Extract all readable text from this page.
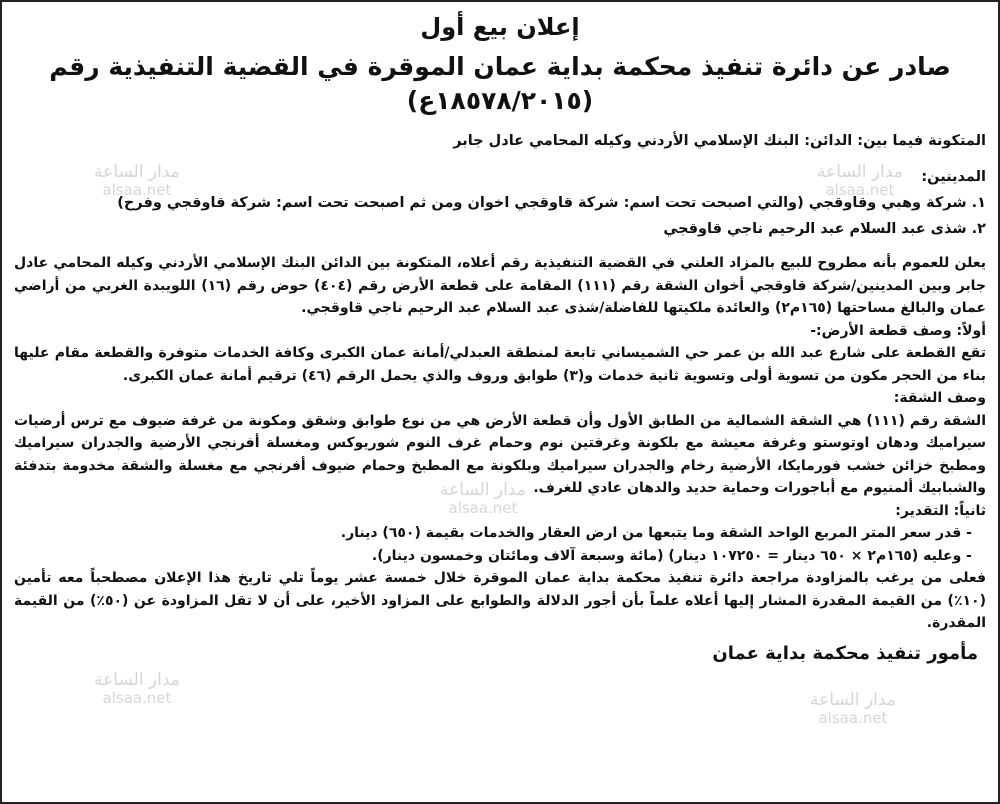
إعلان بيع أول
صادر عن دائرة تنفيذ محكمة بداية عمان الموقرة في القضية التنفيذية رقم (١٨٥٧٨/٢٠١٥ع)

المتكونة فيما بين: الدائن: البنك الإسلامي الأردني وكيله المحامي عادل جابر

المدينين:

١. شركة وهبي وقاوقجي (والتي اصبحت تحت اسم: شركة قاوقجي اخوان ومن ثم اصبحت تحت اسم: شركة قاوقجي وفرح)

٢. شذى عبد السلام عبد الرحيم ناجي قاوقجي

يعلن للعموم بأنه مطروح للبيع بالمزاد العلني في القضية التنفيذية رقم أعلاه، المتكونة بين الدائن البنك الإسلامي الأردني وكيله المحامي عادل جابر وبين المدينين/شركة قاوقجي أخوان الشقة رقم (١١١) المقامة على قطعة الأرض رقم (٤٠٤) حوض رقم (١٦) اللويبدة الغربي من أراضي عمان والبالغ مساحتها (١٦٥م٢) والعائدة ملكيتها للفاضلة/شذى عبد السلام عبد الرحيم ناجي قاوقجي.

أولاً: وصف قطعة الأرض:-

تقع القطعة على شارع عبد الله بن عمر حي الشميساني تابعة لمنطقة العبدلي/أمانة عمان الكبرى وكافة الخدمات متوفرة والقطعة مقام عليها بناء من الحجر مكون من تسوية أولى وتسوية ثانية خدمات و(٣) طوابق وروف والذي يحمل الرقم (٤٦) ترقيم أمانة عمان الكبرى.

وصف الشقة:

الشقة رقم (١١١) هي الشقة الشمالية من الطابق الأول وأن قطعة الأرض هي من نوع طوابق وشقق ومكونة من غرفة ضيوف مع ترس أرضيات سيراميك ودهان اوتوستو وغرفة معيشة مع بلكونة وغرفتين نوم وحمام غرف النوم شوريوكس ومغسلة أفرنجي الأرضية والجدران سيراميك ومطبخ خزائن خشب فورمايكا، الأرضية رخام والجدران سيراميك وبلكونة مع المطبخ وحمام ضيوف أفرنجي مع مغسلة والشقة مخدومة بتدفئة والشبابيك ألمنيوم مع أباجورات وحماية حديد والدهان عادي للغرف.

ثانياً: التقدير:

- قدر سعر المتر المربع الواحد الشقة وما يتبعها من ارض العقار والخدمات بقيمة (٦٥٠) دينار.

- وعليه (١٦٥م٢ × ٦٥٠ دينار = ١٠٧٢٥٠ دينار) (مائة وسبعة آلاف ومائتان وخمسون دينار).

فعلى من يرغب بالمزاودة مراجعة دائرة تنفيذ محكمة بداية عمان الموقرة خلال خمسة عشر يوماً تلي تاريخ هذا الإعلان مصطحباً معه تأمين (١٠٪) من القيمة المقدرة المشار إليها أعلاه علماً بأن أجور الدلالة والطوابع على المزاود الأخير، على أن لا تقل المزاودة عن (٥٠٪) من القيمة المقدرة.

مأمور تنفيذ محكمة بداية عمان
مدار الساعة
alsaa.net
مدار الساعة
alsaa.net
مدار الساعة
alsaa.net
مدار الساعة
alsaa.net	مدار الساعة
alsaa.net
